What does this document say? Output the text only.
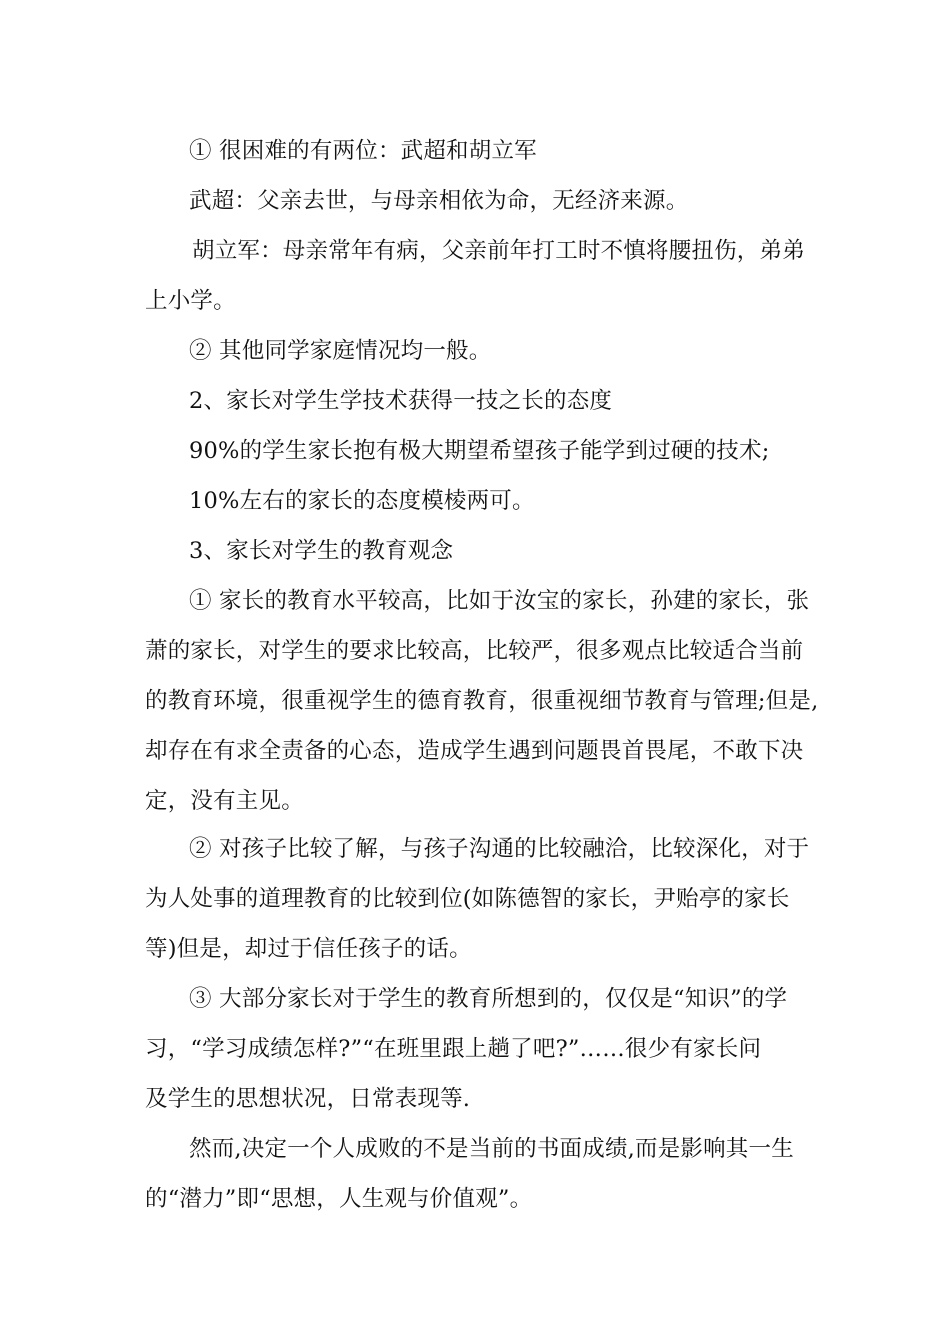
① 很困难的有两位：武超和胡立军
武超：父亲去世，与母亲相依为命，无经济来源。
胡立军：母亲常年有病，父亲前年打工时不慎将腰扭伤，弟弟
上小学。
② 其他同学家庭情况均一般。
2、家长对学生学技术获得一技之长的态度
90%的学生家长抱有极大期望希望孩子能学到过硬的技术;
10%左右的家长的态度模棱两可。
3、家长对学生的教育观念
① 家长的教育水平较高，比如于汝宝的家长，孙建的家长，张
萧的家长，对学生的要求比较高，比较严，很多观点比较适合当前
的教育环境，很重视学生的德育教育，很重视细节教育与管理;但是,
却存在有求全责备的心态，造成学生遇到问题畏首畏尾，不敢下决
定，没有主见。
② 对孩子比较了解，与孩子沟通的比较融洽，比较深化，对于
为人处事的道理教育的比较到位(如陈德智的家长，尹贻亭的家长
等)但是，却过于信任孩子的话。
③ 大部分家长对于学生的教育所想到的，仅仅是“知识”的学
习，“学习成绩怎样?”“在班里跟上趟了吧?”……很少有家长问
及学生的思想状况，日常表现等.
然而,决定一个人成败的不是当前的书面成绩,而是影响其一生
的“潜力”即“思想，人生观与价值观”。
